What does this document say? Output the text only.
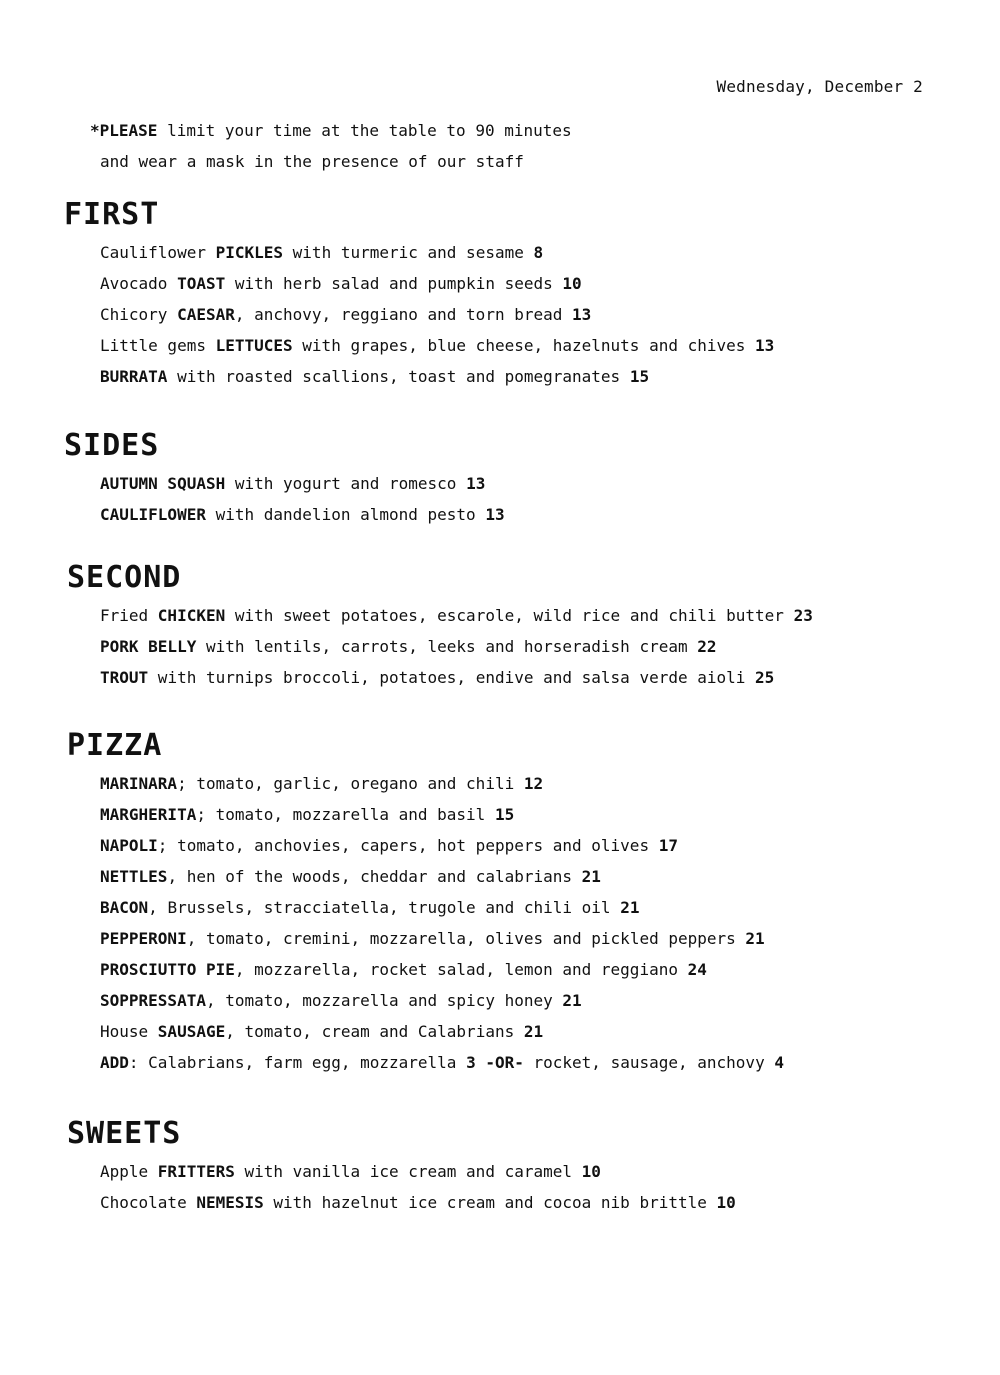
Wednesday, December 2
*PLEASE limit your time at the table to 90 minutes
and wear a mask in the presence of our staff
FIRST
Cauliflower PICKLES with turmeric and sesame 8
Avocado TOAST with herb salad and pumpkin seeds 10
Chicory CAESAR, anchovy, reggiano and torn bread 13
Little gems LETTUCES with grapes, blue cheese, hazelnuts and chives 13
BURRATA with roasted scallions, toast and pomegranates 15
SIDES
AUTUMN SQUASH with yogurt and romesco 13
CAULIFLOWER with dandelion almond pesto 13
SECOND
Fried CHICKEN with sweet potatoes, escarole, wild rice and chili butter 23
PORK BELLY with lentils, carrots, leeks and horseradish cream 22
TROUT with turnips broccoli, potatoes, endive and salsa verde aioli 25
PIZZA
MARINARA; tomato, garlic, oregano and chili 12
MARGHERITA; tomato, mozzarella and basil 15
NAPOLI; tomato, anchovies, capers, hot peppers and olives 17
NETTLES, hen of the woods, cheddar and calabrians 21
BACON, Brussels, stracciatella, trugole and chili oil 21
PEPPERONI, tomato, cremini, mozzarella, olives and pickled peppers 21
PROSCIUTTO PIE, mozzarella, rocket salad, lemon and reggiano 24
SOPPRESSATA, tomato, mozzarella and spicy honey 21
House SAUSAGE, tomato, cream and Calabrians 21
ADD: Calabrians, farm egg, mozzarella 3 -OR- rocket, sausage, anchovy 4
SWEETS
Apple FRITTERS with vanilla ice cream and caramel 10
Chocolate NEMESIS with hazelnut ice cream and cocoa nib brittle 10
